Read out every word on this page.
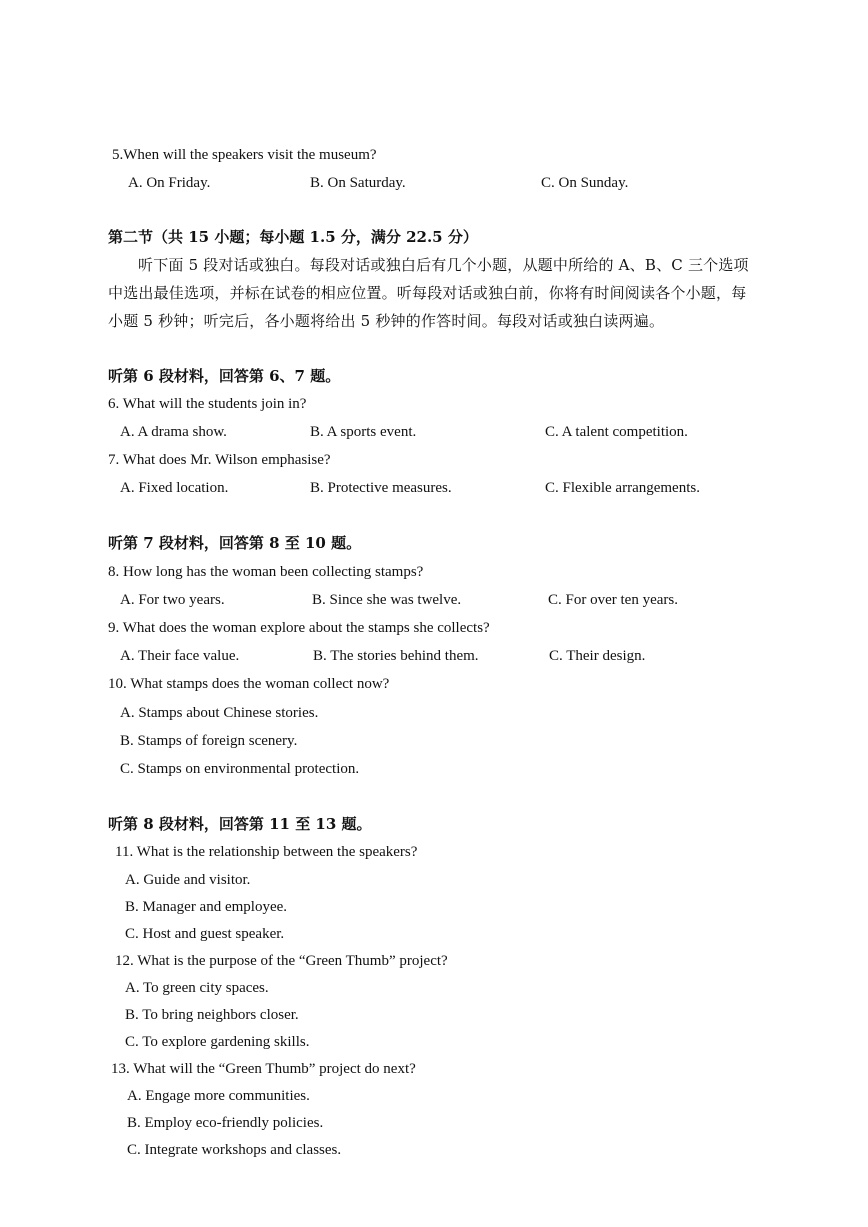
5.When will the speakers visit the museum?
A. On Friday.	B. On Saturday.	C. On Sunday.
第二节（共 15 小题；每小题 1.5 分，满分 22.5 分）
听下面 5 段对话或独白。每段对话或独白后有几个小题，从题中所给的 A、B、C 三个选项中选出最佳选项，并标在试卷的相应位置。听每段对话或独白前，你将有时间阅读各个小题，每小题 5 秒钟；听完后，各小题将给出 5 秒钟的作答时间。每段对话或独白读两遍。
听第 6 段材料，回答第 6、7 题。
6. What will the students join in?
A. A drama show.	B. A sports event.	C. A talent competition.
7. What does Mr. Wilson emphasise?
A. Fixed location.	B. Protective measures.	C. Flexible arrangements.
听第 7 段材料，回答第 8 至 10 题。
8. How long has the woman been collecting stamps?
A. For two years.	B. Since she was twelve.	C. For over ten years.
9. What does the woman explore about the stamps she collects?
A. Their face value.	B. The stories behind them.	C. Their design.
10. What stamps does the woman collect now?
A. Stamps about Chinese stories.
B. Stamps of foreign scenery.
C. Stamps on environmental protection.
听第 8 段材料，回答第 11 至 13 题。
11. What is the relationship between the speakers?
A. Guide and visitor.
B. Manager and employee.
C. Host and guest speaker.
12. What is the purpose of the “Green Thumb” project?
A. To green city spaces.
B. To bring neighbors closer.
C. To explore gardening skills.
13. What will the “Green Thumb” project do next?
A. Engage more communities.
B. Employ eco-friendly policies.
C. Integrate workshops and classes.
